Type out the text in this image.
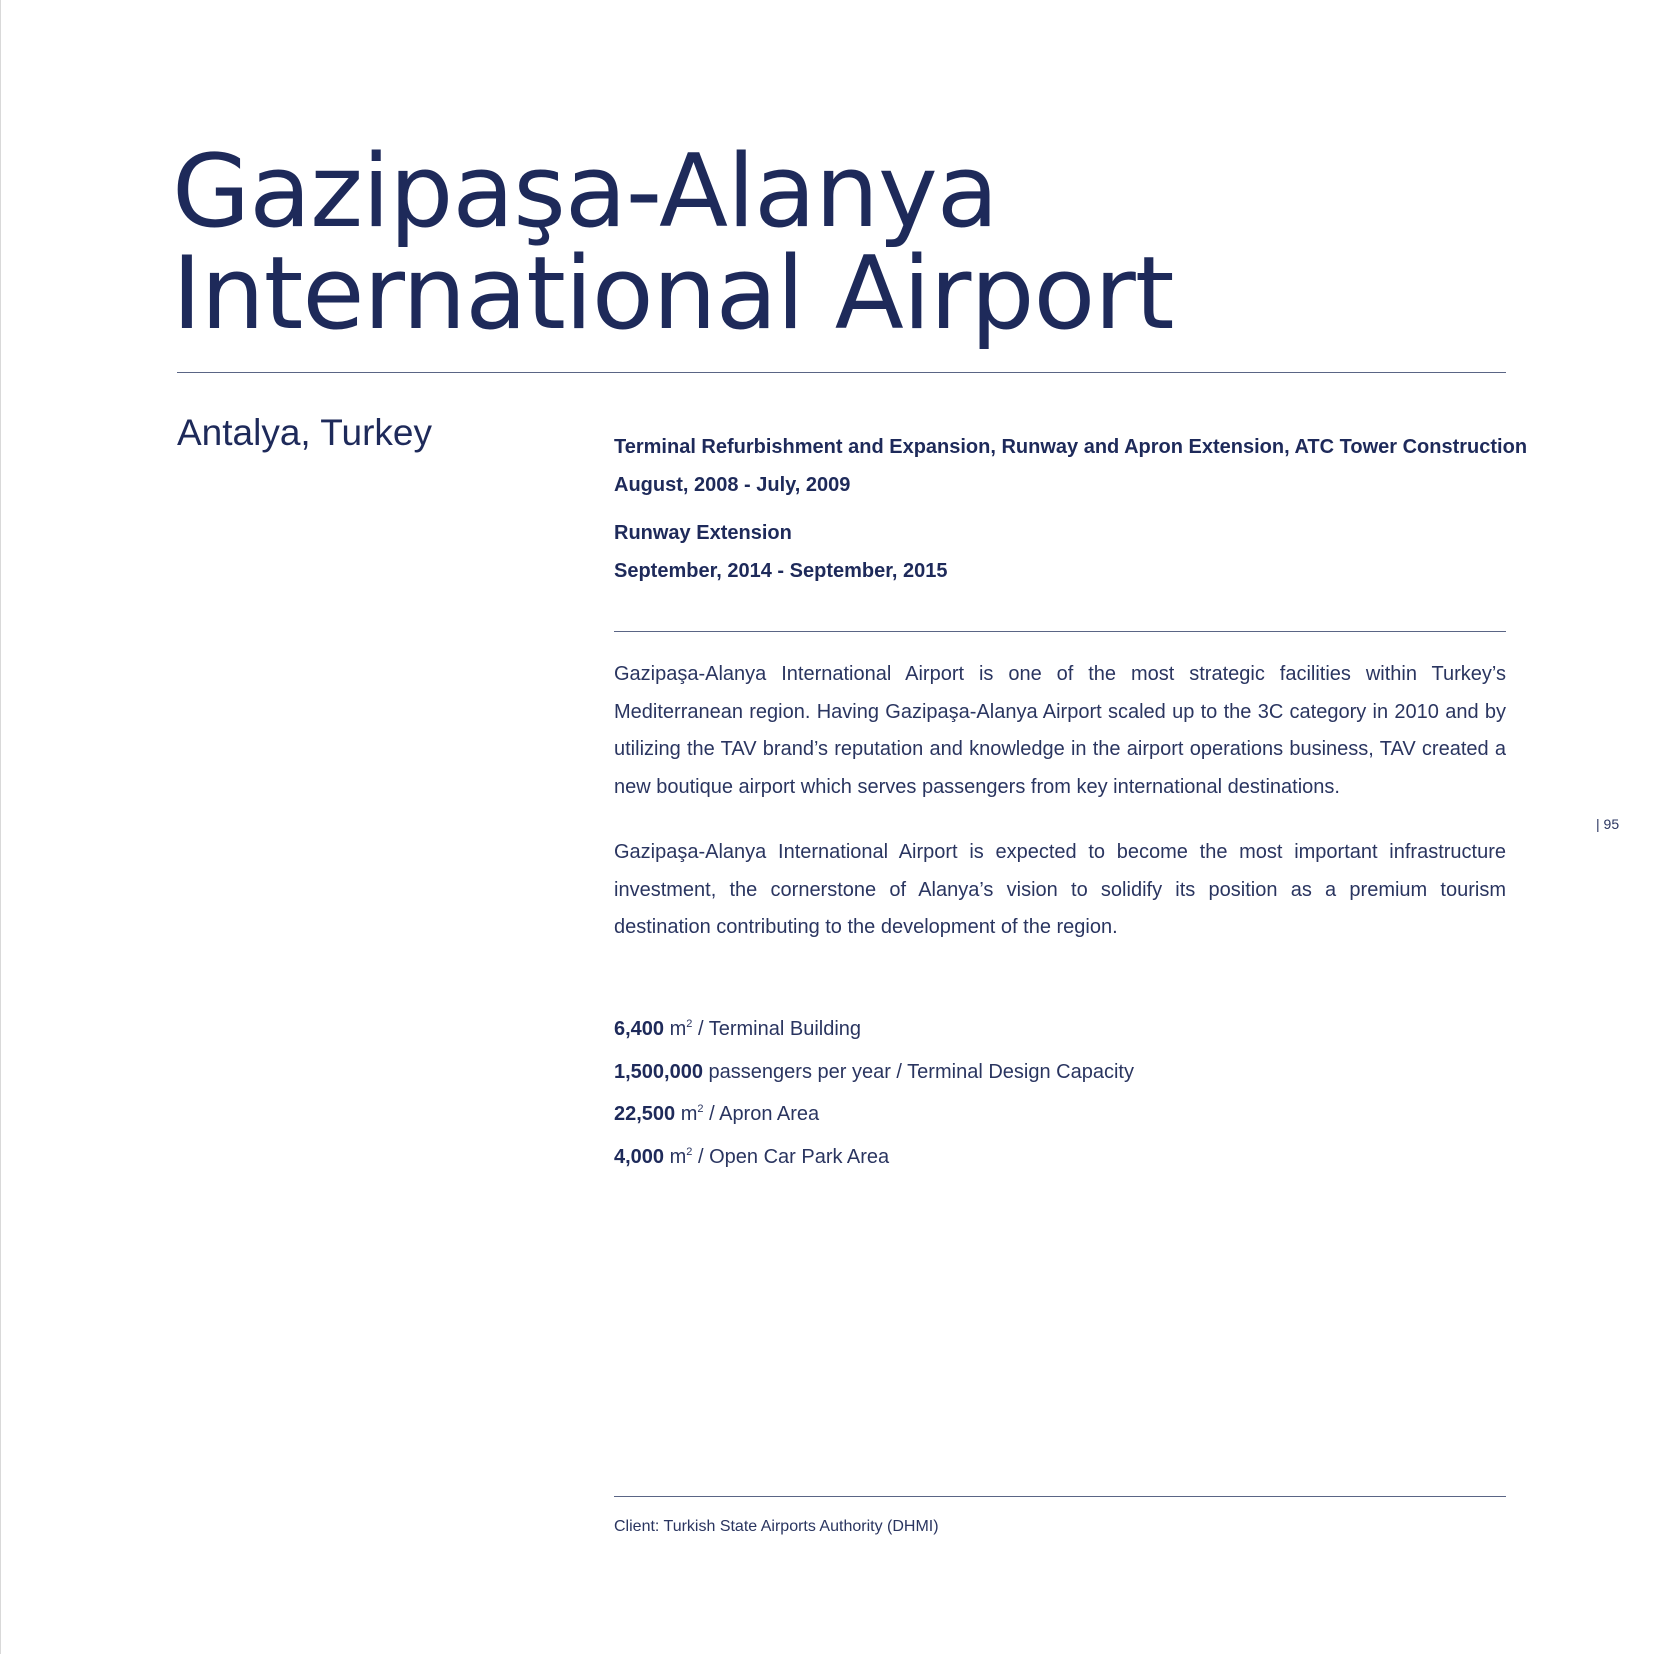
Gazipaşa-Alanya
International Airport
Antalya, Turkey	Terminal Refurbishment and Expansion, Runway and Apron Extension, ATC Tower Construction
August, 2008 - July, 2009
Runway Extension
September, 2014 - September, 2015

Gazipaşa-Alanya International Airport is one of the most strategic facilities within Turkey’s Mediterranean region. Having Gazipaşa-Alanya Airport scaled up to the 3C category in 2010 and by utilizing the TAV brand’s reputation and knowledge in the airport operations business, TAV created a new boutique airport which serves passengers from key international destinations.

Gazipaşa-Alanya International Airport is expected to become the most important infrastructure investment, the cornerstone of Alanya’s vision to solidify its position as a premium tourism destination contributing to the development of the region.

6,400 $m^2$ / Terminal Building
1,500,000 passengers per year / Terminal Design Capacity
22,500 $m^2$ / Apron Area
4,000 $m^2$ / Open Car Park Area
| 95
Client: Turkish State Airports Authority (DHMI)
